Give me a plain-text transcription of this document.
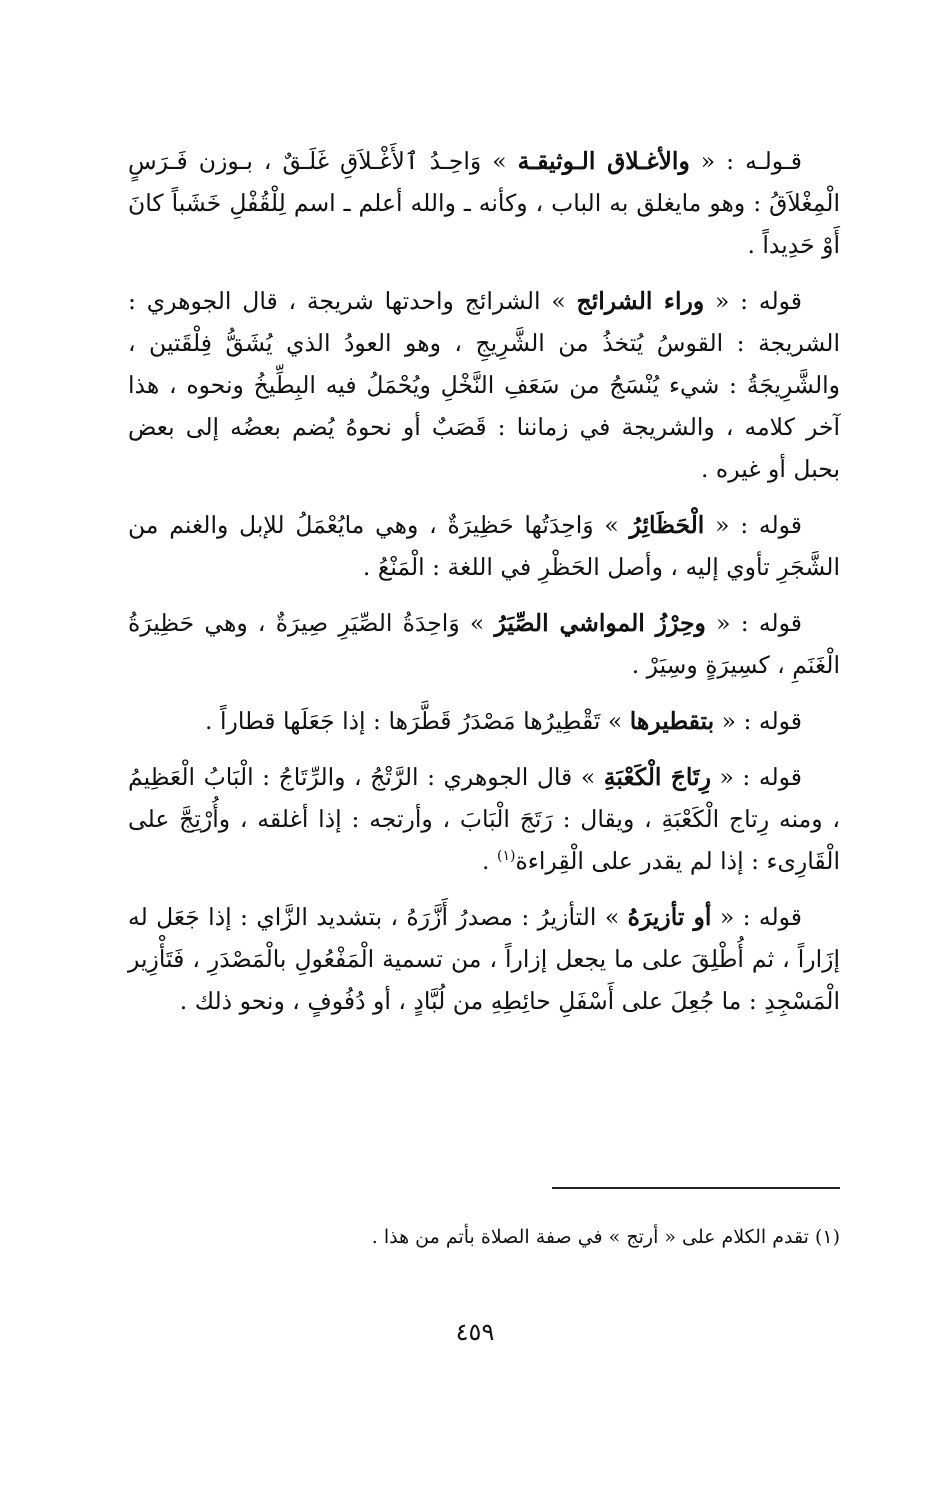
قـولـه : « والأغـلاق الـوثيقـة » وَاحِـدُ ٱلأَغْـلاَقِ غَلَـقٌ ، بـوزن فَـرَسٍ الْمِغْلاَقُ : وهو مايغلق به الباب ، وكأنه ـ والله أعلم ـ اسم لِلْقُفْلِ خَشَباً كانَ أَوْ حَدِيداً .

قوله : « وراء الشرائج » الشرائج واحدتها شريجة ، قال الجوهري : الشريجة : القوسُ يُتخذُ من الشَّرِيجِ ، وهو العودُ الذي يُشَقُّ فِلْقَتين ، والشَّرِيجَةُ : شيء يُنْسَجُ من سَعَفِ النَّخْلِ ويُحْمَلُ فيه البِطِّيخُ ونحوه ، هذا آخر كلامه ، والشريجة في زماننا : قَصَبٌ أو نحوهُ يُضم بعضُه إلى بعض بحبل أو غيره .

قوله : « الْحَظَائِرُ » وَاحِدَتُها حَظِيرَةٌ ، وهي مايُعْمَلُ للإبل والغنم من الشَّجَرِ تأوي إليه ، وأصل الحَظْرِ في اللغة : الْمَنْعُ .

قوله : « وحِرْزُ المواشي الصِّيَرُ » وَاحِدَةُ الصِّيَرِ صِيرَةٌ ، وهي حَظِيرَةُ الْغَنَمِ ، كسِيرَةٍ وسِيَرْ .

قوله : « بتقطيرها » تَقْطِيرُها مَصْدَرُ قَطَّرَها : إذا جَعَلَها قطاراً .

قوله : « رِتَاجَ الْكَعْبَةِ » قال الجوهري : الرَّتْجُ ، والرِّتَاجُ : الْبَابُ الْعَظِيمُ ، ومنه رِتاج الْكَعْبَةِ ، ويقال : رَتَجَ الْبَابَ ، وأرتجه : إذا أغلقه ، وأُرْتِجَّ على الْقَارِىء : إذا لم يقدر على الْقِراءة$^{(١)}$ .

قوله : « أو تأزيرَهُ » التأزيرُ : مصدرُ أَزَّرَهُ ، بتشديد الزَّاي : إذا جَعَل له إزَاراً ، ثم أُطْلِقَ على ما يجعل إزاراً ، من تسمية الْمَفْعُولِ بالْمَصْدَرِ ، فَتَأْزِير الْمَسْجِدِ : ما جُعِلَ على أَسْفَلِ حائِطِهِ من لُبَّادٍ ، أو دُفُوفٍ ، ونحو ذلك .

(١) تقدم الكلام على « أرتج » في صفة الصلاة بأتم من هذا .
٤٥٩
